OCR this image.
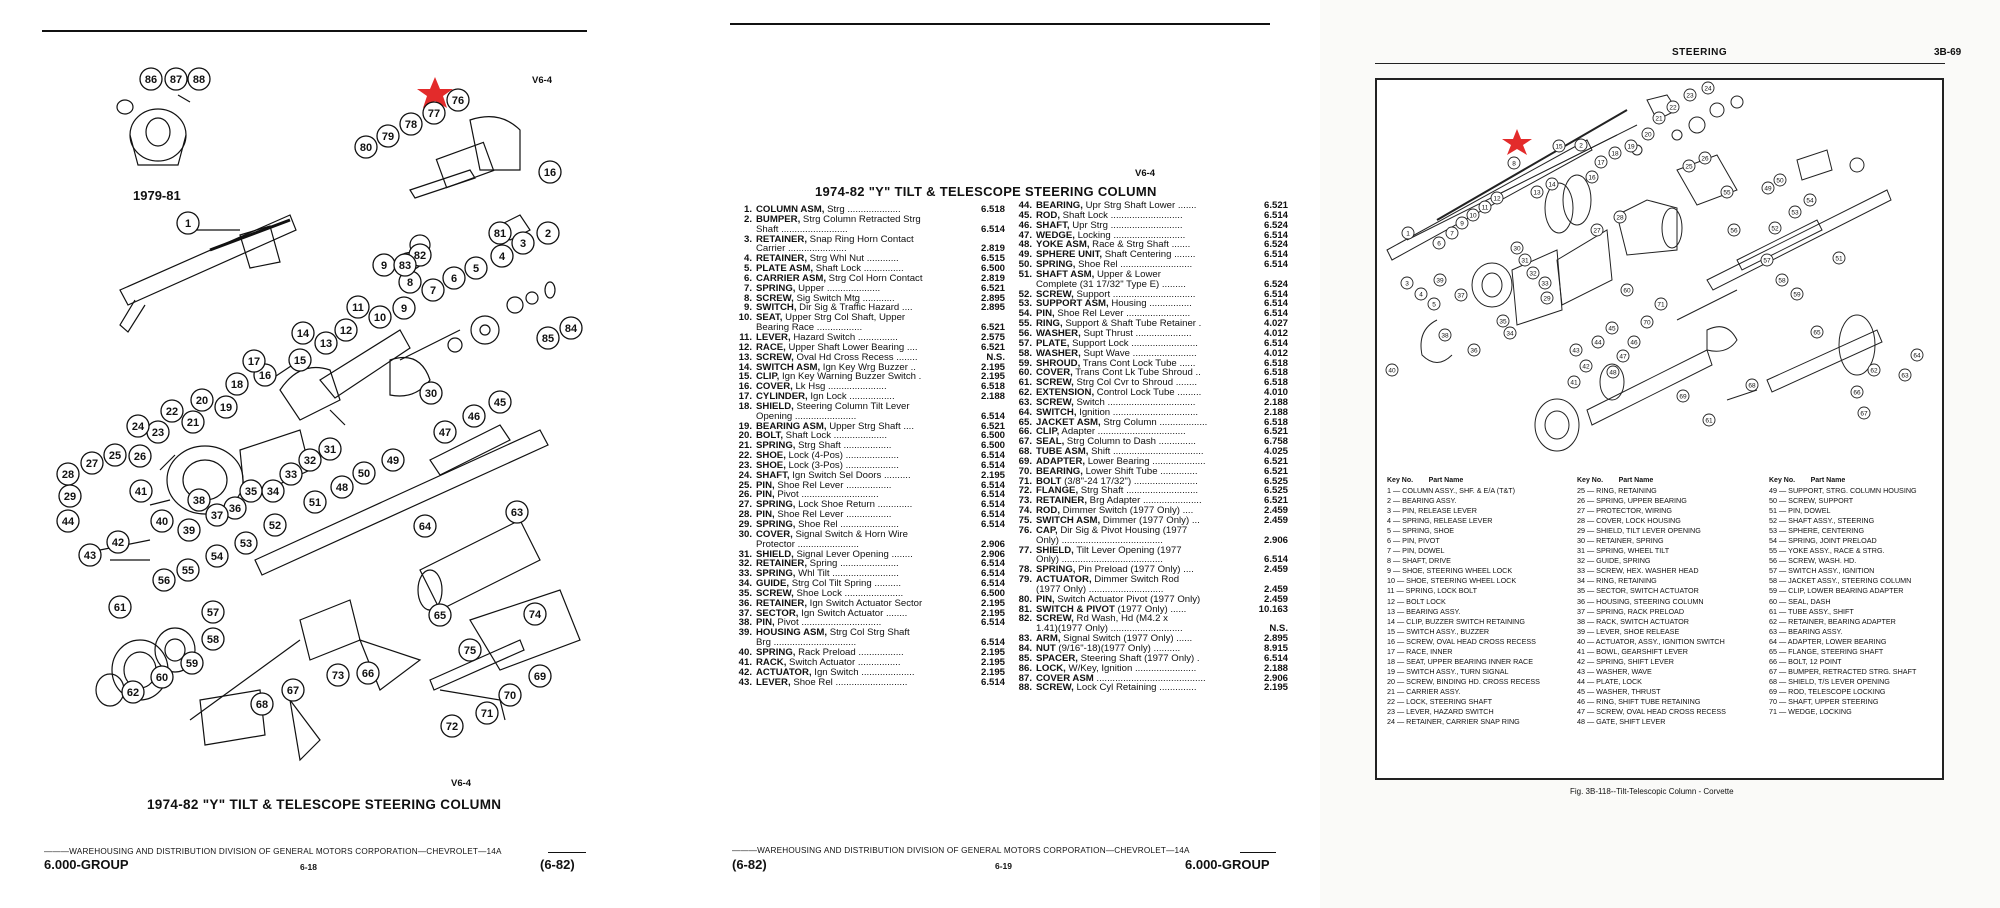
V6-4
86 87 88
76
77
78
79
80
16
81
1
2
3
4
5
6
7
8
9
82
83
84
85
9
10
11
12
13
14
15
16
17
18
19
20
21
22
23
24
25 26
27
28
29
30
31
32
33
34
35
36
37
38
39
40
41
42
43
44
45
46
47
48
49
50
51
52
53
54
55
56
57
58
59
60
61
62
63
64
65
66
67
68
69
70
71
72
73
74
75
1979-81
V6-4
1974-82 "Y" TILT & TELESCOPE STEERING COLUMN
———WAREHOUSING AND DISTRIBUTION DIVISION OF GENERAL MOTORS CORPORATION—CHEVROLET—14A
6.000-GROUP	6-18	(6-82)
V6-4
1974-82 "Y" TILT & TELESCOPE STEERING COLUMN
1. COLUMN ASM, Strg ....................	6.518
2. BUMPER, Strg Column Retracted Strg
Shaft .........................	6.514
3. RETAINER, Snap Ring Horn Contact
Carrier ......................	2.819
4. RETAINER, Strg Whl Nut ............	6.515
5. PLATE ASM, Shaft Lock ...............	6.500
6. CARRIER ASM, Strg Col Horn Contact	2.819
7. SPRING, Upper ....................	6.521
8. SCREW, Sig Switch Mtg ............	2.895
9. SWITCH, Dir Sig & Traffic Hazard ....	2.895
10. SEAT, Upper Strg Col Shaft, Upper
Bearing Race .................	6.521
11. LEVER, Hazard Switch ...............	2.575
12. RACE, Upper Shaft Lower Bearing ....	6.521
13. SCREW, Oval Hd Cross Recess ........	N.S.
14. SWITCH ASM, Ign Key Wrg Buzzer ..	2.195
15. CLIP, Ign Key Warning Buzzer Switch .	2.195
16. COVER, Lk Hsg ......................	6.518
17. CYLINDER, Ign Lock .................	2.188
18. SHIELD, Steering Column Tilt Lever
Opening .......................	6.514
19. BEARING ASM, Upper Strg Shaft ....	6.521
20. BOLT, Shaft Lock ....................	6.500
21. SPRING, Strg Shaft ..................	6.500
22. SHOE, Lock (4-Pos) ....................	6.514
23. SHOE, Lock (3-Pos) ....................	6.514
24. SHAFT, Ign Switch Sel Doors ..........	2.195
25. PIN, Shoe Rel Lever .................	6.514
26. PIN, Pivot .............................	6.514
27. SPRING, Lock Shoe Return .............	6.514
28. PIN, Shoe Rel Lever .................	6.514
29. SPRING, Shoe Rel ......................	6.514
30. COVER, Signal Switch & Horn Wire
Protector .......................	2.906
31. SHIELD, Signal Lever Opening ........	2.906
32. RETAINER, Spring ......................	6.514
33. SPRING, Whl Tilt .........................	6.514
34. GUIDE, Strg Col Tilt Spring ..........	6.514
35. SCREW, Shoe Lock ......................	6.500
36. RETAINER, Ign Switch Actuator Sector	2.195
37. SECTOR, Ign Switch Actuator ........	2.195
38. PIN, Pivot ..............................	6.514
39. HOUSING ASM, Strg Col Strg Shaft
Brg ...............................	6.514
40. SPRING, Rack Preload .................	2.195
41. RACK, Switch Actuator ................	2.195
42. ACTUATOR, Ign Switch ....................	2.195
43. LEVER, Shoe Rel ...........................	6.514
44. BEARING, Upr Strg Shaft Lower .......	6.521
45. ROD, Shaft Lock ...........................	6.514
46. SHAFT, Upr Strg ...........................	6.524
47. WEDGE, Locking ...........................	6.514
48. YOKE ASM, Race & Strg Shaft .......	6.524
49. SPHERE UNIT, Shaft Centering ........	6.514
50. SPRING, Shoe Rel ...........................	6.514
51. SHAFT ASM, Upper & Lower
Complete (31 17/32" Type E) .........	6.524
52. SCREW, Support ...............................	6.514
53. SUPPORT ASM, Housing ................	6.514
54. PIN, Shoe Rel Lever ........................	6.514
55. RING, Support & Shaft Tube Retainer .	4.027
56. WASHER, Supt Thrust .....................	4.012
57. PLATE, Support Lock .........................	6.514
58. WASHER, Supt Wave ........................	4.012
59. SHROUD, Trans Cont Lock Tube ......	6.518
60. COVER, Trans Cont Lk Tube Shroud ..	6.518
61. SCREW, Strg Col Cvr to Shroud ........	6.518
62. EXTENSION, Control Lock Tube .........	4.010
63. SCREW, Switch .................................	2.188
64. SWITCH, Ignition ................................	2.188
65. JACKET ASM, Strg Column ..................	6.518
66. CLIP, Adapter .................................	6.521
67. SEAL, Strg Column to Dash ..............	6.758
68. TUBE ASM, Shift ..................................	4.025
69. ADAPTER, Lower Bearing ....................	6.521
70. BEARING, Lower Shift Tube ..............	6.521
71. BOLT (3/8"-24 17/32") ........................	6.525
72. FLANGE, Strg Shaft ...........................	6.525
73. RETAINER, Brg Adapter ......................	6.521
74. ROD, Dimmer Switch (1977 Only) ....	2.459
75. SWITCH ASM, Dimmer (1977 Only) ...	2.459
76. CAP, Dir Sig & Pivot Housing (1977
Only) ......................................	2.906
77. SHIELD, Tilt Lever Opening (1977
Only) ......................................	6.514
78. SPRING, Pin Preload (1977 Only) ....	2.459
79. ACTUATOR, Dimmer Switch Rod
(1977 Only) ............................	2.459
80. PIN, Switch Actuator Pivot (1977 Only)	2.459
81. SWITCH & PIVOT (1977 Only) ......	10.163
82. SCREW, Rd Wash, Hd (M4.2 x
1.41)(1977 Only) ...........................	N.S.
83. ARM, Signal Switch (1977 Only) ......	2.895
84. NUT (9/16"-18)(1977 Only) ..........	8.915
85. SPACER, Steering Shaft (1977 Only) .	6.514
86. LOCK, W/Key, Ignition .......................	2.188
87. COVER ASM .........................................	2.906
88. SCREW, Lock Cyl Retaining ..............	2.195
———WAREHOUSING AND DISTRIBUTION DIVISION OF GENERAL MOTORS CORPORATION—CHEVROLET—14A
(6-82)	6-19	6.000-GROUP
STEERING	3B-69
8
1
3
4
5
6
7
9
10
11
12
2
13
14
15
16
17
18
19
20
21
22
23
24
25
26
27
28
29
30
31
32
33
34
35
36
37
38
39
40
41
42
43
44
45
46
47
48
49
50
51
52
53
54
55
56
57
58
59
60
61
62
63
64
65
66
67
68
69
70
71
Key No. Part Name	Key No. Part Name	Key No. Part Name
1 — COLUMN ASSY., SHF. & E/A (T&T)
2 — BEARING ASSY.
3 — PIN, RELEASE LEVER
4 — SPRING, RELEASE LEVER
5 — SPRING, SHOE
6 — PIN, PIVOT
7 — PIN, DOWEL
8 — SHAFT, DRIVE
9 — SHOE, STEERING WHEEL LOCK
10 — SHOE, STEERING WHEEL LOCK
11 — SPRING, LOCK BOLT
12 — BOLT LOCK
13 — BEARING ASSY.
14 — CLIP, BUZZER SWITCH RETAINING
15 — SWITCH ASSY., BUZZER
16 — SCREW, OVAL HEAD CROSS RECESS
17 — RACE, INNER
18 — SEAT, UPPER BEARING INNER RACE
19 — SWITCH ASSY., TURN SIGNAL
20 — SCREW, BINDING HD. CROSS RECESS
21 — CARRIER ASSY.
22 — LOCK, STEERING SHAFT
23 — LEVER, HAZARD SWITCH
24 — RETAINER, CARRIER SNAP RING
25 — RING, RETAINING
26 — SPRING, UPPER BEARING
27 — PROTECTOR, WIRING
28 — COVER, LOCK HOUSING
29 — SHIELD, TILT LEVER OPENING
30 — RETAINER, SPRING
31 — SPRING, WHEEL TILT
32 — GUIDE, SPRING
33 — SCREW, HEX. WASHER HEAD
34 — RING, RETAINING
35 — SECTOR, SWITCH ACTUATOR
36 — HOUSING, STEERING COLUMN
37 — SPRING, RACK PRELOAD
38 — RACK, SWITCH ACTUATOR
39 — LEVER, SHOE RELEASE
40 — ACTUATOR, ASSY., IGNITION SWITCH
41 — BOWL, GEARSHIFT LEVER
42 — SPRING, SHIFT LEVER
43 — WASHER, WAVE
44 — PLATE, LOCK
45 — WASHER, THRUST
46 — RING, SHIFT TUBE RETAINING
47 — SCREW, OVAL HEAD CROSS RECESS
48 — GATE, SHIFT LEVER
49 — SUPPORT, STRG. COLUMN HOUSING
50 — SCREW, SUPPORT
51 — PIN, DOWEL
52 — SHAFT ASSY., STEERING
53 — SPHERE, CENTERING
54 — SPRING, JOINT PRELOAD
55 — YOKE ASSY., RACE & STRG.
56 — SCREW, WASH. HD.
57 — SWITCH ASSY., IGNITION
58 — JACKET ASSY., STEERING COLUMN
59 — CLIP, LOWER BEARING ADAPTER
60 — SEAL, DASH
61 — TUBE ASSY., SHIFT
62 — RETAINER, BEARING ADAPTER
63 — BEARING ASSY.
64 — ADAPTER, LOWER BEARING
65 — FLANGE, STEERING SHAFT
66 — BOLT, 12 POINT
67 — BUMPER, RETRACTED STRG. SHAFT
68 — SHIELD, T/S LEVER OPENING
69 — ROD, TELESCOPE LOCKING
70 — SHAFT, UPPER STEERING
71 — WEDGE, LOCKING
Fig. 3B-118--Tilt-Telescopic Column - Corvette
